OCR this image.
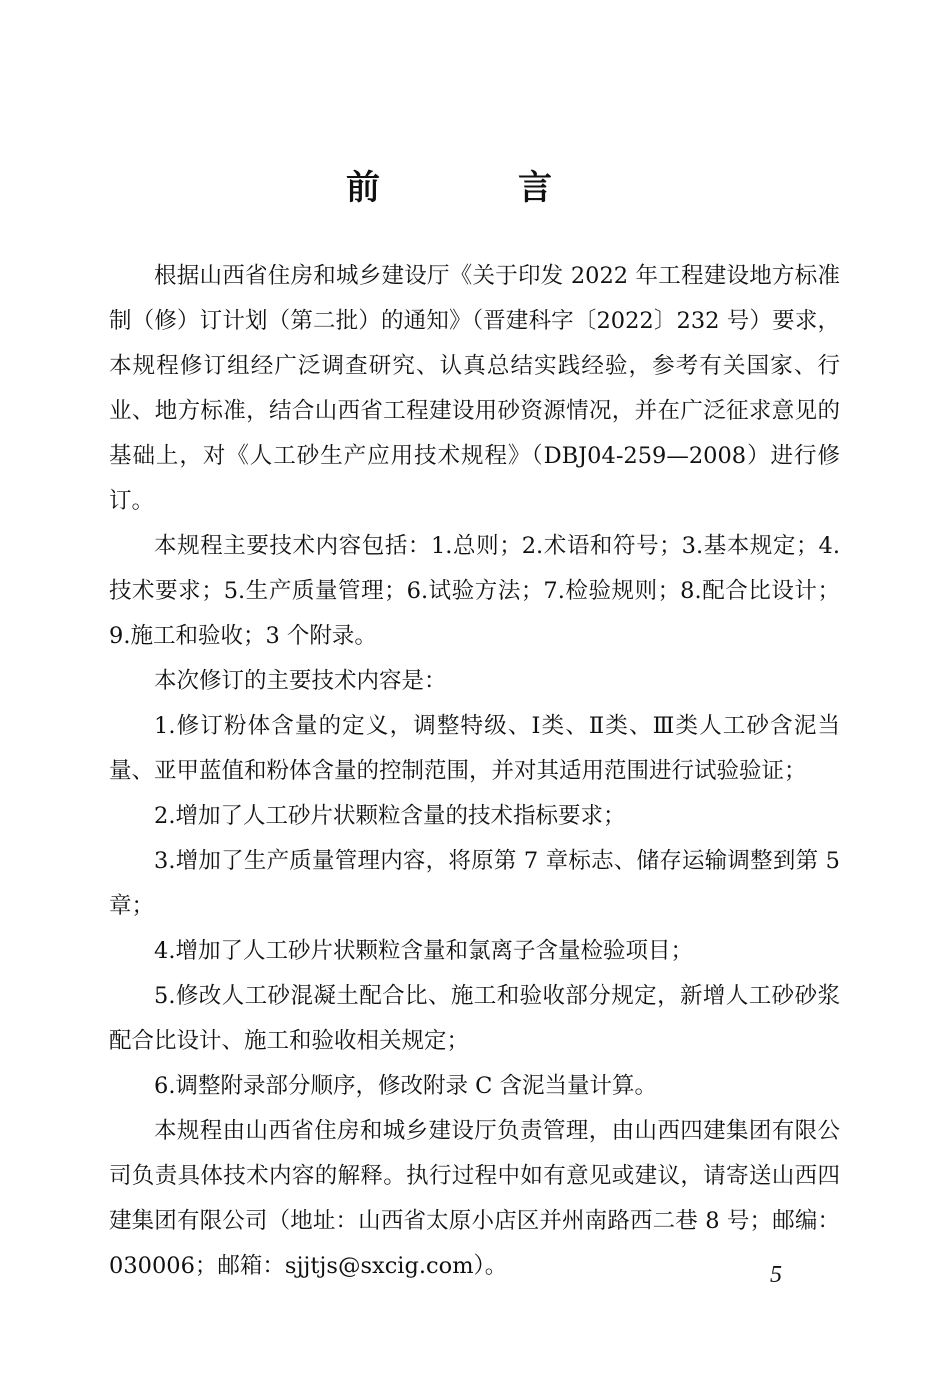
前　言

根据山西省住房和城乡建设厅《关于印发 2022 年工程建设地方标准制（修）订计划（第二批）的通知》（晋建科字〔2022〕232 号）要求，本规程修订组经广泛调查研究、认真总结实践经验，参考有关国家、行业、地方标准，结合山西省工程建设用砂资源情况，并在广泛征求意见的基础上，对《人工砂生产应用技术规程》（DBJ04-259—2008）进行修订。

本规程主要技术内容包括：1.总则；2.术语和符号；3.基本规定；4.技术要求；5.生产质量管理；6.试验方法；7.检验规则；8.配合比设计；9.施工和验收；3 个附录。

本次修订的主要技术内容是：

1.修订粉体含量的定义，调整特级、Ⅰ类、Ⅱ类、Ⅲ类人工砂含泥当量、亚甲蓝值和粉体含量的控制范围，并对其适用范围进行试验验证；

2.增加了人工砂片状颗粒含量的技术指标要求；

3.增加了生产质量管理内容，将原第 7 章标志、储存运输调整到第 5 章；

4.增加了人工砂片状颗粒含量和氯离子含量检验项目；

5.修改人工砂混凝土配合比、施工和验收部分规定，新增人工砂砂浆配合比设计、施工和验收相关规定；

6.调整附录部分顺序，修改附录 C 含泥当量计算。

本规程由山西省住房和城乡建设厅负责管理，由山西四建集团有限公司负责具体技术内容的解释。执行过程中如有意见或建议，请寄送山西四建集团有限公司（地址：山西省太原小店区并州南路西二巷 8 号；邮编：030006；邮箱：sjjtjs@sxcig.com）。	5
